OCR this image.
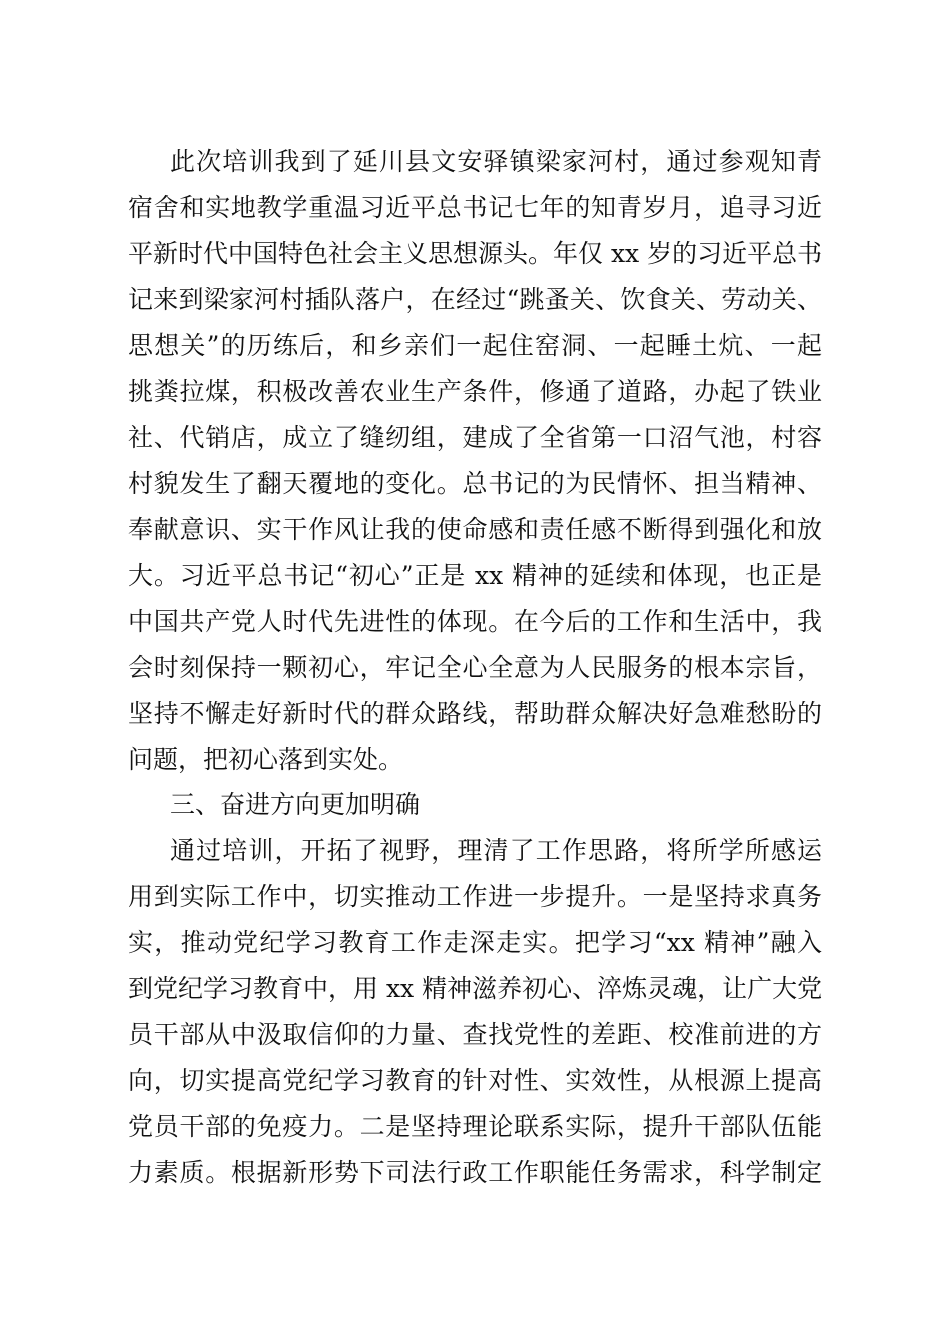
此次培训我到了延川县文安驿镇梁家河村，通过参观知青
宿舍和实地教学重温习近平总书记七年的知青岁月，追寻习近
平新时代中国特色社会主义思想源头。年仅 xx 岁的习近平总书
记来到梁家河村插队落户，在经过“跳蚤关、饮食关、劳动关、
思想关”的历练后，和乡亲们一起住窑洞、一起睡土炕、一起
挑粪拉煤，积极改善农业生产条件，修通了道路，办起了铁业
社、代销店，成立了缝纫组，建成了全省第一口沼气池，村容
村貌发生了翻天覆地的变化。总书记的为民情怀、担当精神、
奉献意识、实干作风让我的使命感和责任感不断得到强化和放
大。习近平总书记“初心”正是 xx 精神的延续和体现，也正是
中国共产党人时代先进性的体现。在今后的工作和生活中，我
会时刻保持一颗初心，牢记全心全意为人民服务的根本宗旨，
坚持不懈走好新时代的群众路线，帮助群众解决好急难愁盼的
问题，把初心落到实处。
三、奋进方向更加明确
通过培训，开拓了视野，理清了工作思路，将所学所感运
用到实际工作中，切实推动工作进一步提升。一是坚持求真务
实，推动党纪学习教育工作走深走实。把学习“xx 精神”融入
到党纪学习教育中，用 xx 精神滋养初心、淬炼灵魂，让广大党
员干部从中汲取信仰的力量、查找党性的差距、校准前进的方
向，切实提高党纪学习教育的针对性、实效性，从根源上提高
党员干部的免疫力。二是坚持理论联系实际，提升干部队伍能
力素质。根据新形势下司法行政工作职能任务需求，科学制定
